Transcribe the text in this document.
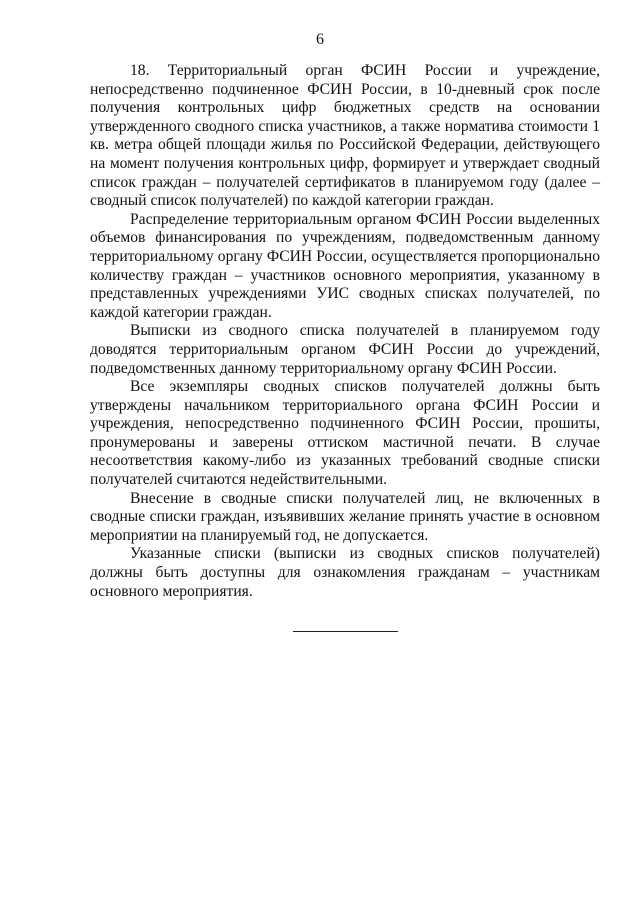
6

18. Территориальный орган ФСИН России и учреждение, непосредственно подчиненное ФСИН России, в 10-дневный срок после получения контрольных цифр бюджетных средств на основании утвержденного сводного списка участников, а также норматива стоимости 1 кв. метра общей площади жилья по Российской Федерации, действующего на момент получения контрольных цифр, формирует и утверждает сводный список граждан – получателей сертификатов в планируемом году (далее – сводный список получателей) по каждой категории граждан.

Распределение территориальным органом ФСИН России выделенных объемов финансирования по учреждениям, подведомственным данному территориальному органу ФСИН России, осуществляется пропорционально количеству граждан – участников основного мероприятия, указанному в представленных учреждениями УИС сводных списках получателей, по каждой категории граждан.

Выписки из сводного списка получателей в планируемом году доводятся территориальным органом ФСИН России до учреждений, подведомственных данному территориальному органу ФСИН России.

Все экземпляры сводных списков получателей должны быть утверждены начальником территориального органа ФСИН России и учреждения, непосредственно подчиненного ФСИН России, прошиты, пронумерованы и заверены оттиском мастичной печати. В случае несоответствия какому-либо из указанных требований сводные списки получателей считаются недействительными.

Внесение в сводные списки получателей лиц, не включенных в сводные списки граждан, изъявивших желание принять участие в основном мероприятии на планируемый год, не допускается.

Указанные списки (выписки из сводных списков получателей) должны быть доступны для ознакомления гражданам – участникам основного мероприятия.
